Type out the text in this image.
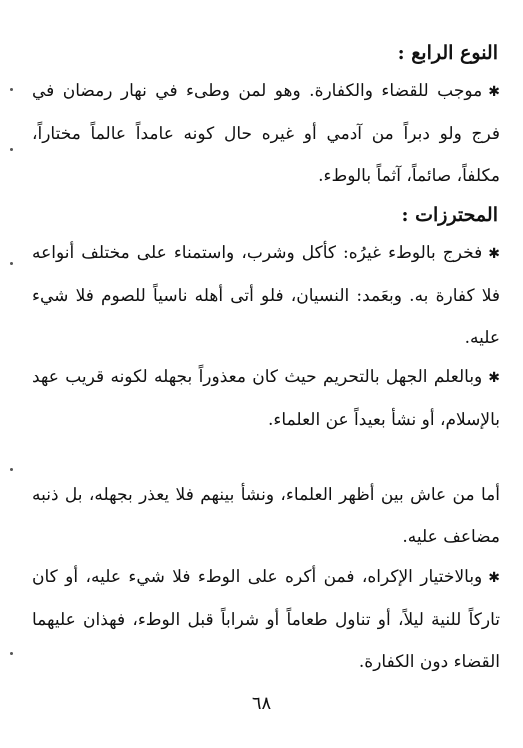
النوع الرابع :
✱موجب للقضاء والكفارة. وهو لمن وطىء في نهار رمضان في فرج ولو دبراً من آدمي أو غيره حال كونه عامداً عالماً مختاراً، مكلفاً، صائماً، آثماً بالوطء.
المحترزات :
✱فخرج بالوطء غيرُه: كأكل وشرب، واستمناء على مختلف أنواعه فلا كفارة به. وبعَمد: النسيان، فلو أتى أهله ناسياً للصوم فلا شيء عليه.
✱وبالعلم الجهل بالتحريم حيث كان معذوراً بجهله لكونه قريب عهد بالإسلام، أو نشأ بعيداً عن العلماء.
أما من عاش بين أظهر العلماء، ونشأ بينهم فلا يعذر بجهله، بل ذنبه مضاعف عليه.
✱وبالاختيار الإكراه، فمن أكره على الوطء فلا شيء عليه، أو كان تاركاً للنية ليلاً، أو تناول طعاماً أو شراباً قبل الوطء، فهذان عليهما القضاء دون الكفارة.
٦٨
